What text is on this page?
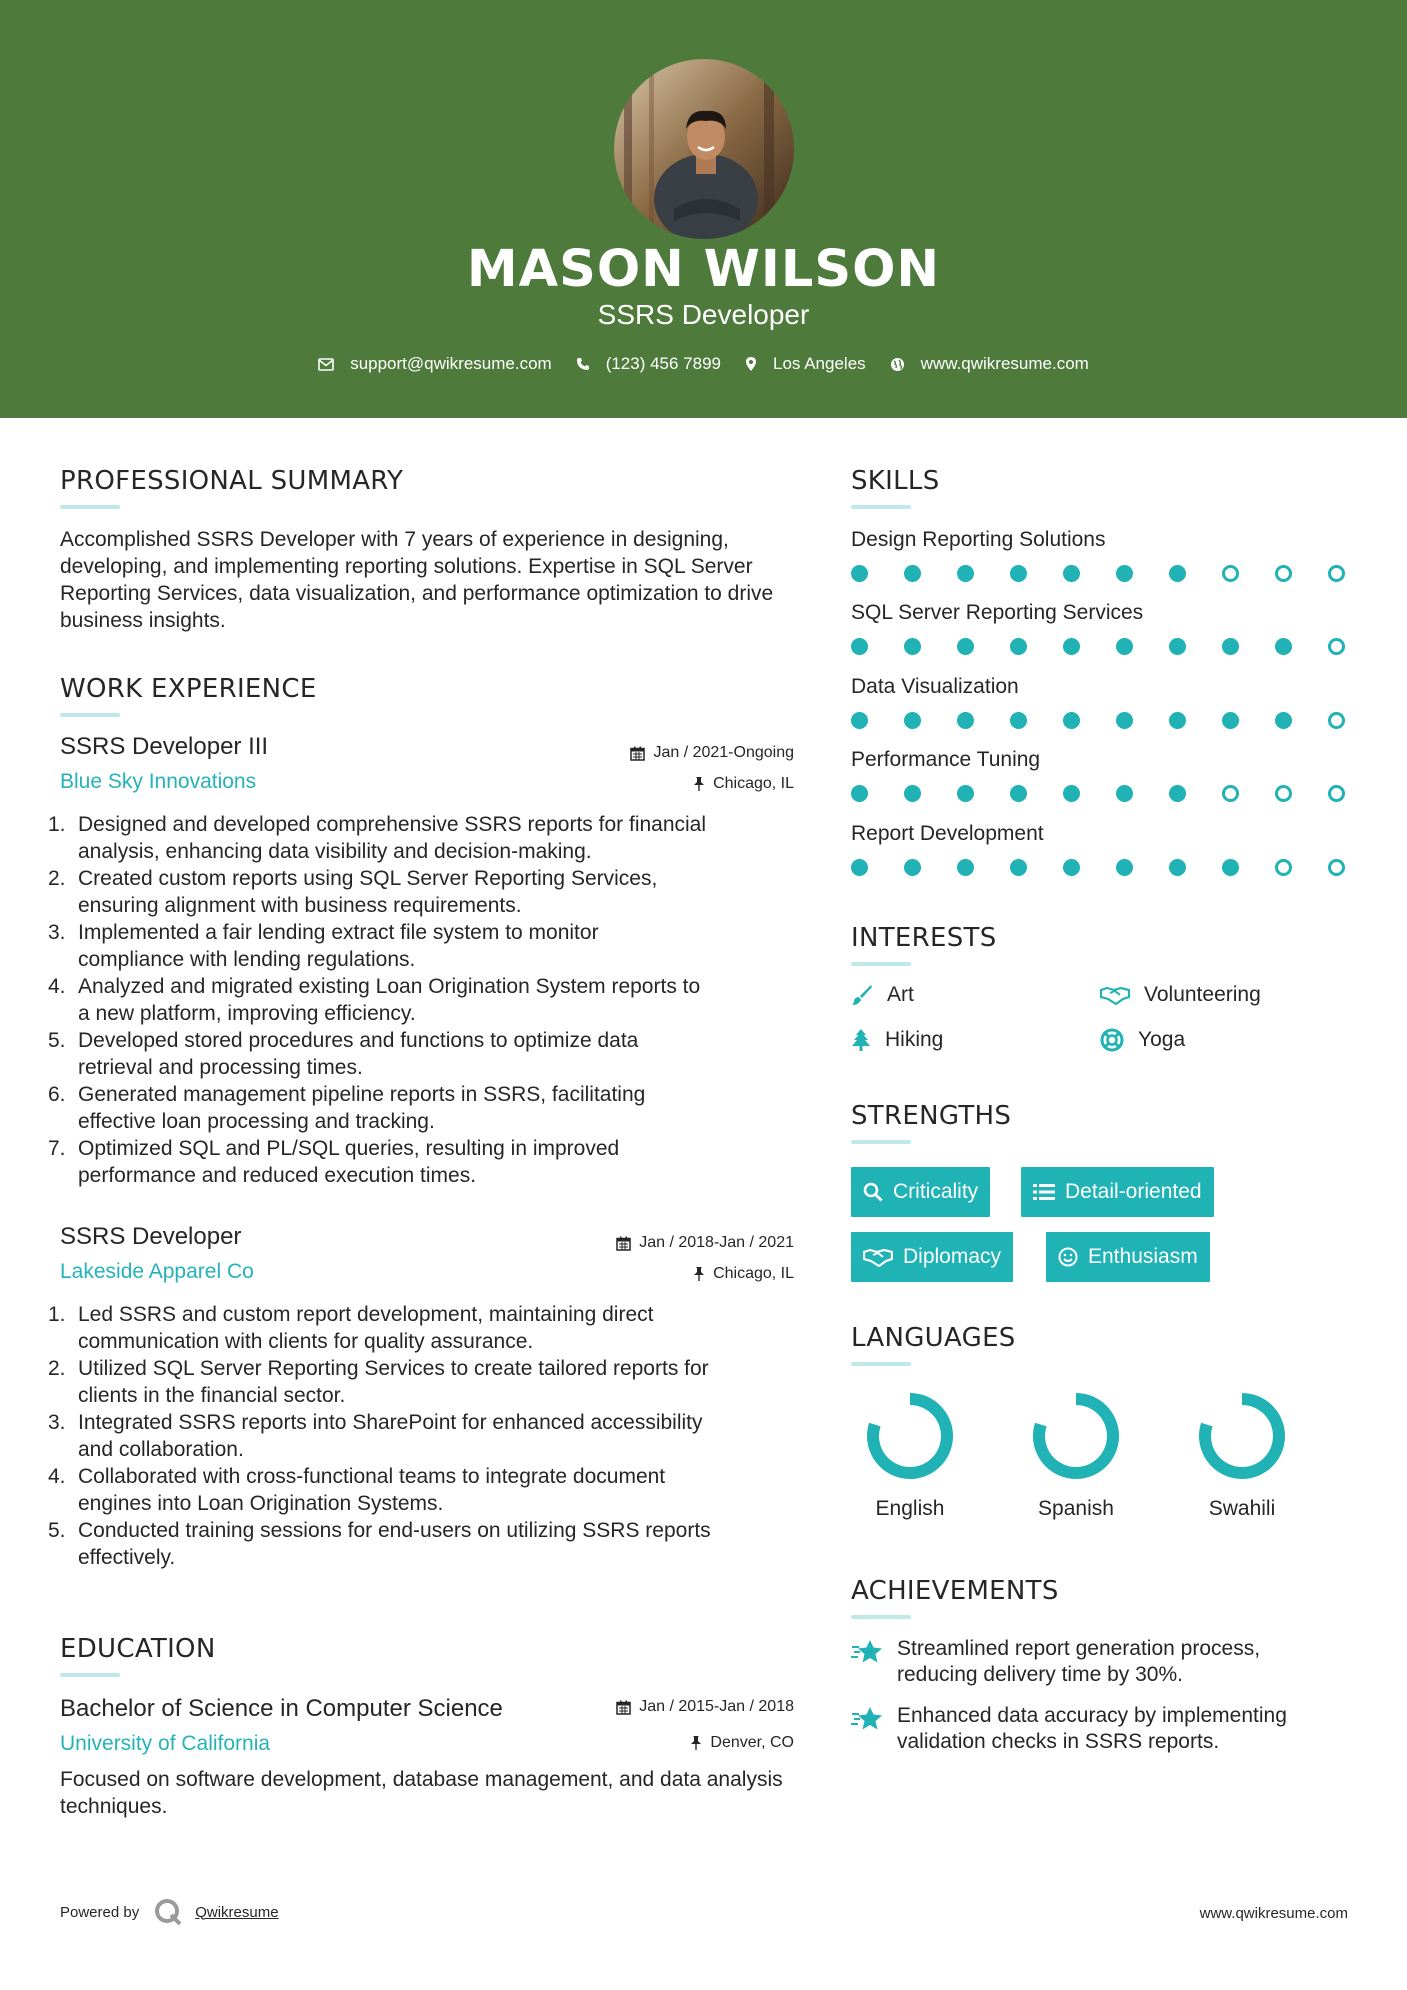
MASON WILSON
SSRS Developer
support@qwikresume.com	(123) 456 7899	Los Angeles	www.qwikresume.com
PROFESSIONAL SUMMARY
Accomplished SSRS Developer with 7 years of experience in designing, developing, and implementing reporting solutions. Expertise in SQL Server Reporting Services, data visualization, and performance optimization to drive business insights.
WORK EXPERIENCE
SSRS Developer III
Blue Sky Innovations
Jan / 2021-Ongoing
Chicago, IL
1. Designed and developed comprehensive SSRS reports for financial
analysis, enhancing data visibility and decision-making.
2. Created custom reports using SQL Server Reporting Services,
ensuring alignment with business requirements.
3. Implemented a fair lending extract file system to monitor
compliance with lending regulations.
4. Analyzed and migrated existing Loan Origination System reports to
a new platform, improving efficiency.
5. Developed stored procedures and functions to optimize data
retrieval and processing times.
6. Generated management pipeline reports in SSRS, facilitating
effective loan processing and tracking.
7. Optimized SQL and PL/SQL queries, resulting in improved
performance and reduced execution times.
SSRS Developer
Lakeside Apparel Co
Jan / 2018-Jan / 2021
Chicago, IL
1. Led SSRS and custom report development, maintaining direct
communication with clients for quality assurance.
2. Utilized SQL Server Reporting Services to create tailored reports for
clients in the financial sector.
3. Integrated SSRS reports into SharePoint for enhanced accessibility
and collaboration.
4. Collaborated with cross-functional teams to integrate document
engines into Loan Origination Systems.
5. Conducted training sessions for end-users on utilizing SSRS reports
effectively.
EDUCATION
Bachelor of Science in Computer Science
University of California
Jan / 2015-Jan / 2018
Denver, CO
Focused on software development, database management, and data analysis techniques.
SKILLS
Design Reporting Solutions
SQL Server Reporting Services
Data Visualization
Performance Tuning
Report Development
INTERESTS
Art	Volunteering
Hiking	Yoga
STRENGTHS
Criticality	Detail-oriented
Diplomacy	Enthusiasm
LANGUAGES
English	Spanish	Swahili
ACHIEVEMENTS
Streamlined report generation process,
reducing delivery time by 30%.
Enhanced data accuracy by implementing
validation checks in SSRS reports.
Powered by	Qwikresume	www.qwikresume.com
